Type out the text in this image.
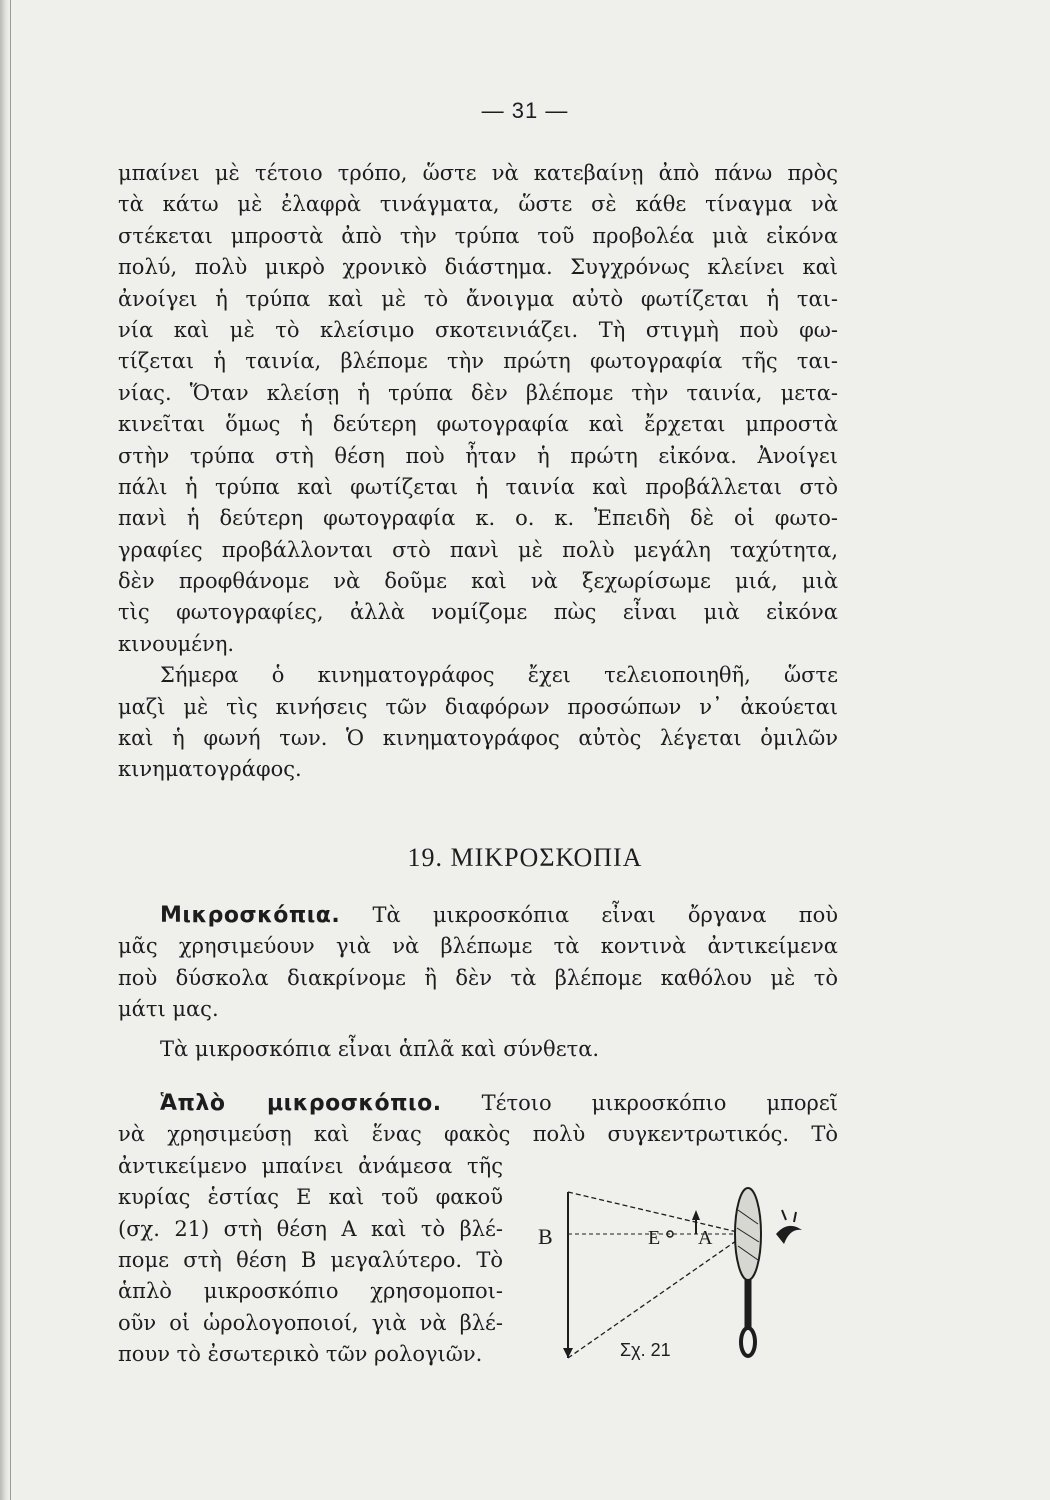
— 31 —
μπαίνει μὲ τέτοιο τρόπο, ὥστε νὰ κατεβαίνῃ ἀπὸ πάνω πρὸς
τὰ κάτω μὲ ἐλαφρὰ τινάγματα, ὥστε σὲ κάθε τίναγμα νὰ
στέκεται μπροστὰ ἀπὸ τὴν τρύπα τοῦ προβολέα μιὰ εἰκόνα
πολύ, πολὺ μικρὸ χρονικὸ διάστημα. Συγχρόνως κλείνει καὶ
ἀνοίγει ἡ τρύπα καὶ μὲ τὸ ἄνοιγμα αὐτὸ φωτίζεται ἡ ται-
νία καὶ μὲ τὸ κλείσιμο σκοτεινιάζει. Τὴ στιγμὴ ποὺ φω-
τίζεται ἡ ταινία, βλέπομε τὴν πρώτη φωτογραφία τῆς ται-
νίας. Ὅταν κλείσῃ ἡ τρύπα δὲν βλέπομε τὴν ταινία, μετα-
κινεῖται ὅμως ἡ δεύτερη φωτογραφία καὶ ἔρχεται μπροστὰ
στὴν τρύπα στὴ θέση ποὺ ἦταν ἡ πρώτη εἰκόνα. Ἀνοίγει
πάλι ἡ τρύπα καὶ φωτίζεται ἡ ταινία καὶ προβάλλεται στὸ
πανὶ ἡ δεύτερη φωτογραφία κ. ο. κ. Ἐπειδὴ δὲ οἱ φωτο-
γραφίες προβάλλονται στὸ πανὶ μὲ πολὺ μεγάλη ταχύτητα,
δὲν προφθάνομε νὰ δοῦμε καὶ νὰ ξεχωρίσωμε μιά, μιὰ
τὶς φωτογραφίες, ἀλλὰ νομίζομε πὼς εἶναι μιὰ εἰκόνα
κινουμένη.
Σήμερα ὁ κινηματογράφος ἔχει τελειοποιηθῆ, ὥστε
μαζὶ μὲ τὶς κινήσεις τῶν διαφόρων προσώπων ν᾿ ἀκούεται
καὶ ἡ φωνή των. Ὁ κινηματογράφος αὐτὸς λέγεται ὁμιλῶν
κινηματογράφος.
19. ΜΙΚΡΟΣΚΟΠΙΑ
Μικροσκόπια. Τὰ μικροσκόπια εἶναι ὄργανα ποὺ
μᾶς χρησιμεύουν γιὰ νὰ βλέπωμε τὰ κοντινὰ ἀντικείμενα
ποὺ δύσκολα διακρίνομε ἢ δὲν τὰ βλέπομε καθόλου μὲ τὸ
μάτι μας.
Τὰ μικροσκόπια εἶναι ἁπλᾶ καὶ σύνθετα.
Ἁπλὸ μικροσκόπιο. Τέτοιο μικροσκόπιο μπορεῖ
νὰ χρησιμεύσῃ καὶ ἕνας φακὸς πολὺ συγκεντρωτικός. Τὸ
ἀντικείμενο μπαίνει ἀνάμεσα τῆς
κυρίας ἑστίας Ε καὶ τοῦ φακοῦ
(σχ. 21) στὴ θέση Α καὶ τὸ βλέ-
πομε στὴ θέση Β μεγαλύτερο. Τὸ
ἁπλὸ μικροσκόπιο χρησομοποι-
οῦν οἱ ὡρολογοποιοί, γιὰ νὰ βλέ-
πουν τὸ ἐσωτερικὸ τῶν ρολογιῶν.
Β	Ε Α
Σχ. 21
